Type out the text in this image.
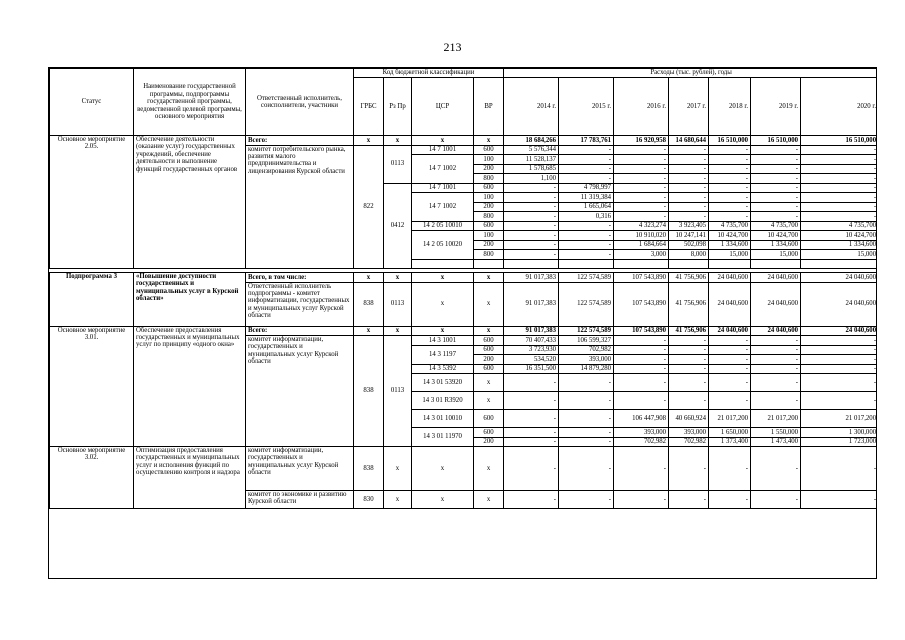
213
Статус	Наименование государственной программы, подпрограммы государственной программы, ведомственной целевой программы, основного мероприятия	Ответственный исполнитель, соисполнители, участники	Код бюджетной классификации				Расходы (тыс. рублей), годы							
			ГРБС	Рз Пр	ЦСР	ВР	2014 г.	2015 г.	2016 г.	2017 г.	2018 г.	2019 г.	2020 г.	
Основное мероприятие 2.05.	Обеспечение деятельности (оказание услуг) государственных учреждений, обеспечение деятельности и выполнение функций государственных органов	Всего:	х	х	х	х	18 684,266	17 783,761	16 920,958	14 680,644	16 510,000	16 510,000	16 510,000	
		комитет потребительского рынка, развития малого предпринимательства и лицензирования Курской области	822	0113	14 7 1001	600	5 576,344	-	-	-	-	-	-	
					14 7 1002	100	11 528,137	-	-	-	-	-	-	
						200	1 578,685	-	-	-	-	-	-	
						800	1,100	-	-	-	-	-	-	
				0412	14 7 1001	600	-	4 798,997	-	-	-	-	-	
					14 7 1002	100	-	11 319,384	-	-	-	-	-	
						200	-	1 665,064	-	-	-	-	-	
						800	-	0,316	-	-	-	-	-	
					14 2 05 10010	600	-	-	4 323,274	3 923,405	4 735,700	4 735,700	4 735,700	
					14 2 05 10020	100	-	-	10 910,020	10 247,141	10 424,700	10 424,700	10 424,700	
						200	-	-	1 684,664	502,098	1 334,600	1 334,600	1 334,600	
						800	-	-	3,000	8,000	15,000	15,000	15,000	

Подпрограмма 3	«Повышение доступности государственных и муниципальных услуг в Курской области»	Всего, в том числе:	х	х	х	х	91 017,383	122 574,589	107 543,890	41 756,906	24 040,600	24 040,600	24 040,600	
		Ответственный исполнитель подпрограммы - комитет информатизации, государственных и муниципальных услуг Курской области	838	0113	х	х	91 017,383	122 574,589	107 543,890	41 756,906	24 040,600	24 040,600	24 040,600	
Основное мероприятие 3.01.	Обеспечение предоставления государственных и муниципальных услуг по принципу «одного окна»	Всего:	х	х	х	х	91 017,383	122 574,589	107 543,890	41 756,906	24 040,600	24 040,600	24 040,600	
		комитет информатизации, государственных и муниципальных услуг Курской области	838	0113	14 3 1001	600	70 407,433	106 599,327	-	-	-	-	-	
					14 3 1197	600	3 723,930	702,982	-	-	-	-	-	
						200	534,520	393,000	-	-	-	-	-	
					14 3 5392	600	16 351,500	14 879,280	-	-	-	-	-	
					14 3 01 53920	х	-	-	-	-	-	-	-	
					14 3 01 R3920	х	-	-	-	-	-	-	-	
					14 3 01 10010	600	-	-	106 447,908	40 660,924	21 017,200	21 017,200	21 017,200	
					14 3 01 11970	600	-	-	393,000	393,000	1 650,000	1 550,000	1 300,000	
						200	-	-	702,982	702,982	1 373,400	1 473,400	1 723,000	
Основное мероприятие 3.02.	Оптимизация предоставления государственных и муниципальных услуг и исполнения функций по осуществлению контроля и надзора	комитет информатизации, государственных и муниципальных услуг Курской области	838	х	х	х	-	-	-	-	-	-	-	
		комитет по экономике и развитию Курской области	830	х	х	х	-	-	-	-	-	-	-	
